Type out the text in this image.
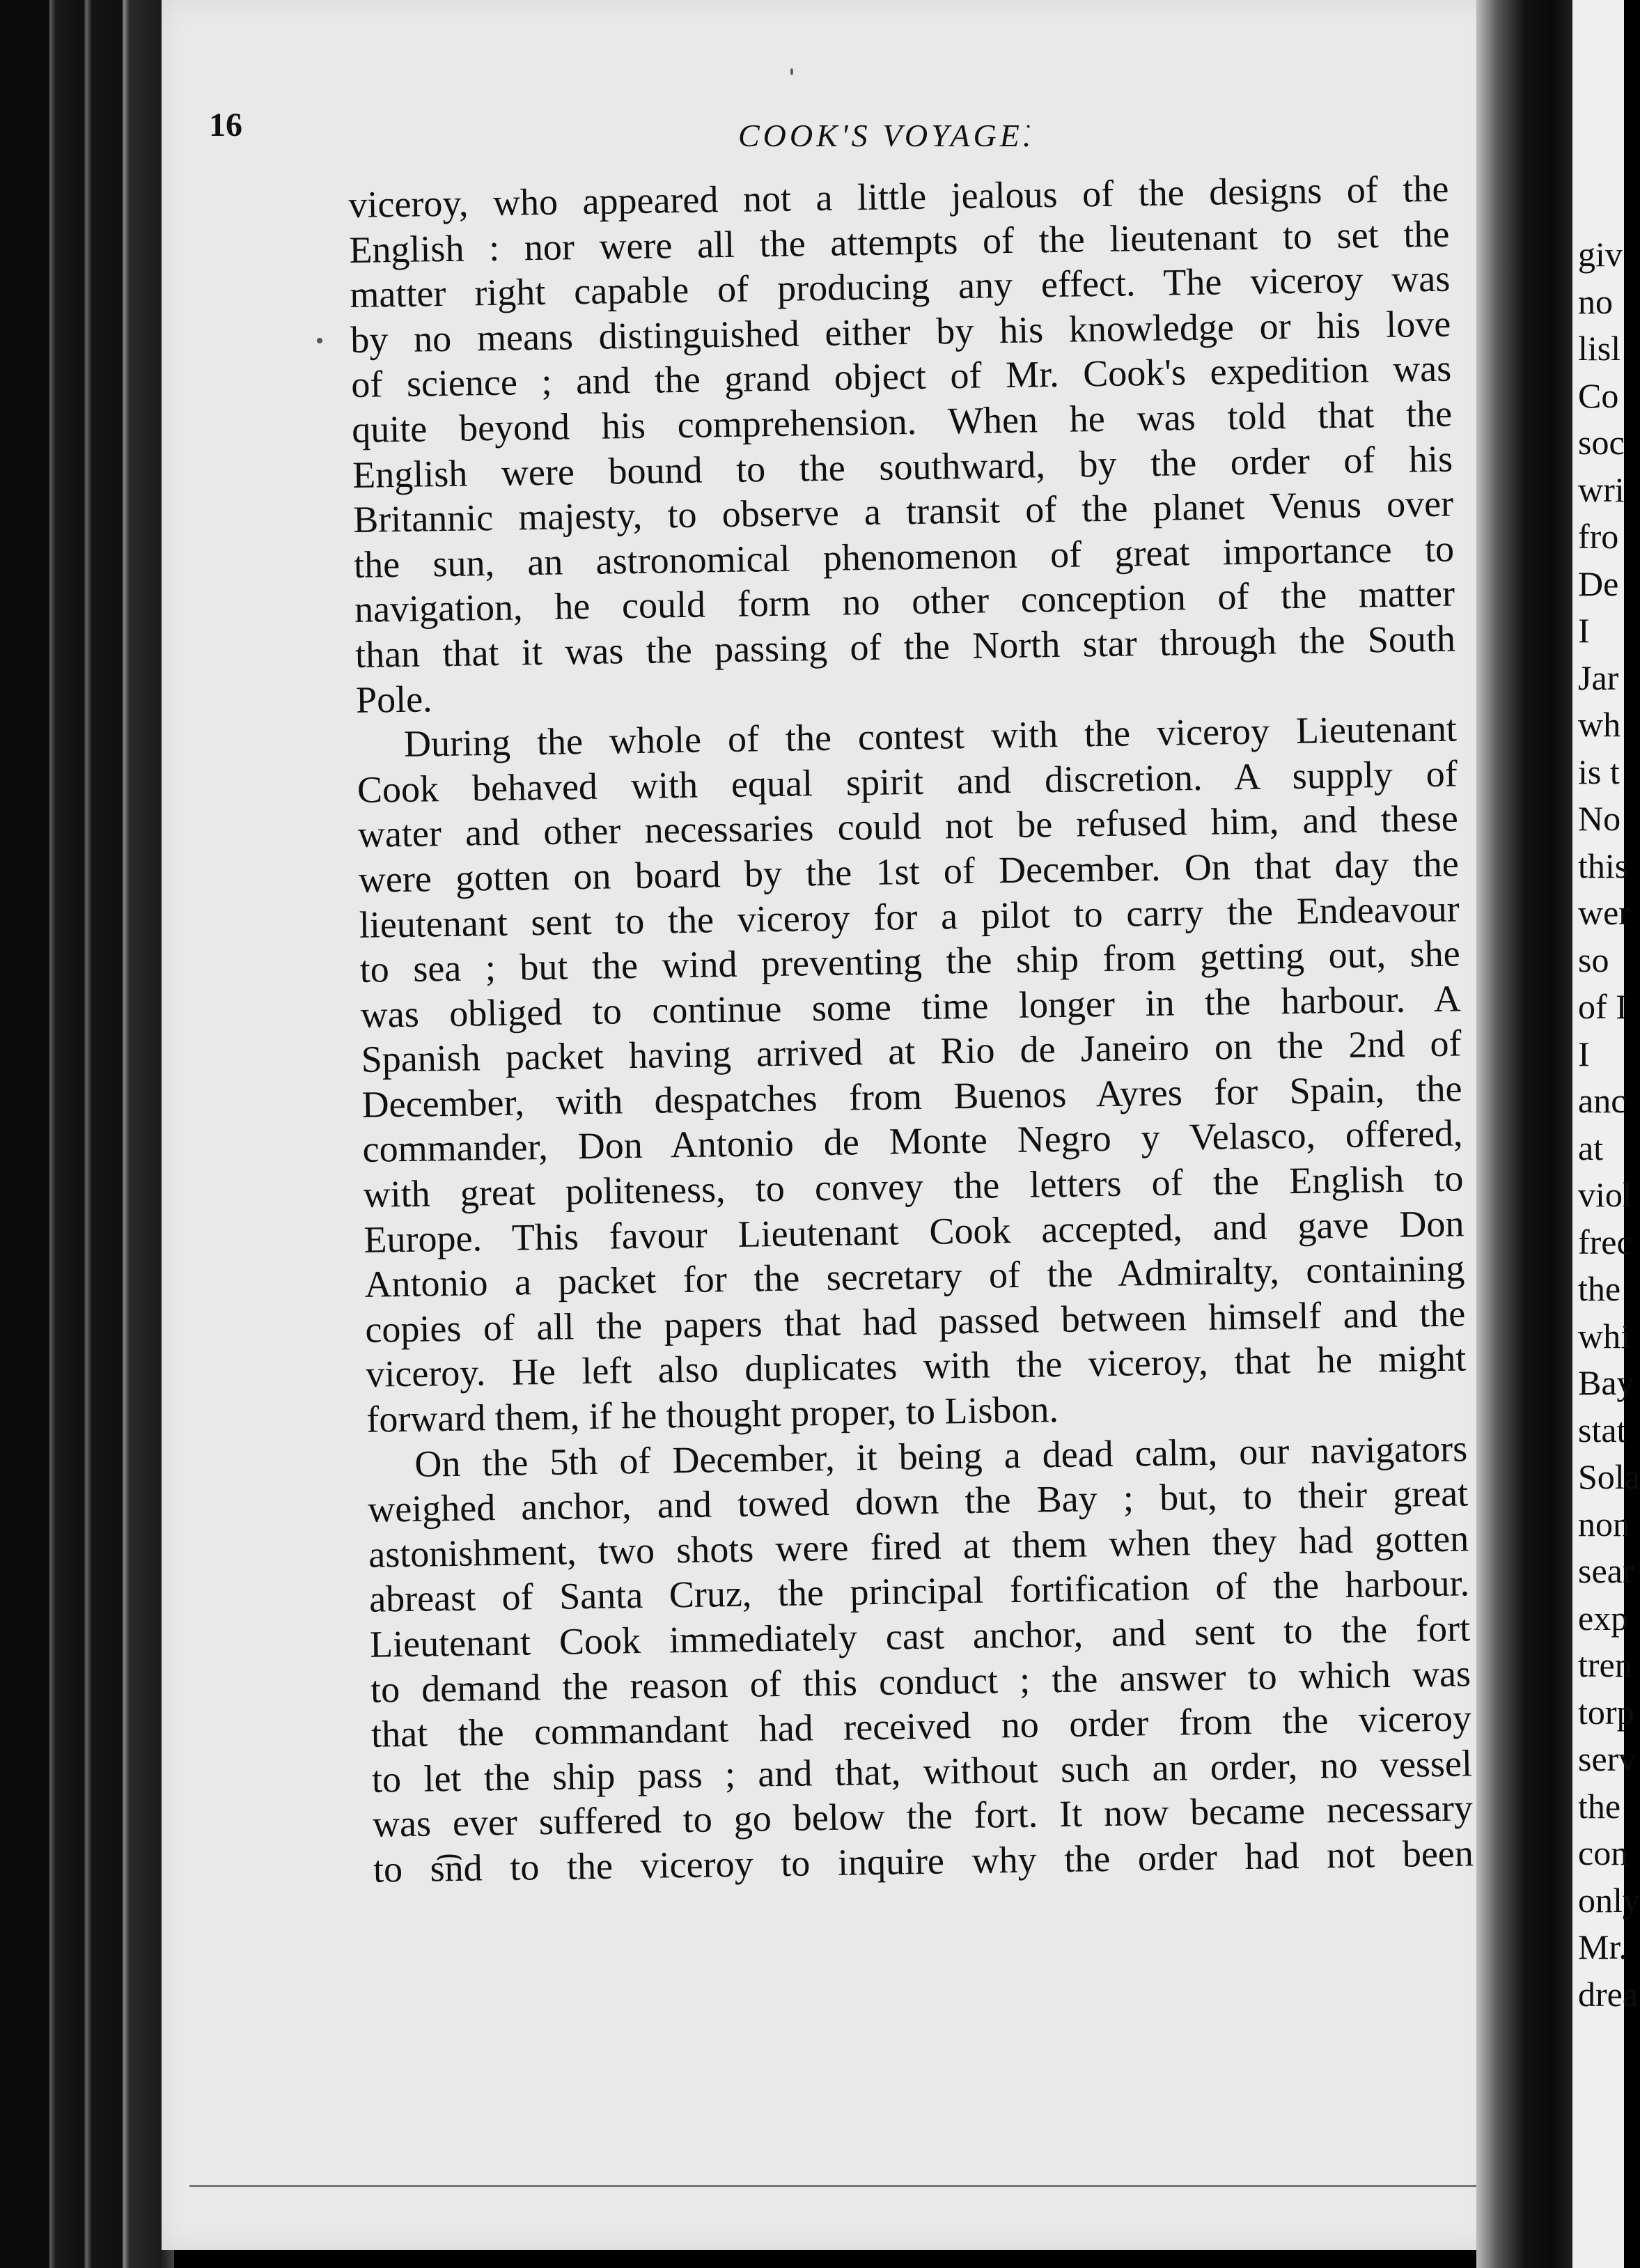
16	COOK'S VOYAGE͘.
viceroy, who appeared not a little jealous of the designs of the
English : nor were all the attempts of the lieutenant to set the
matter right capable of producing any effect. The viceroy was
by no means distinguished either by his knowledge or his love
of science ; and the grand object of Mr. Cook's expedition was
quite beyond his comprehension. When he was told that the
English were bound to the southward, by the order of his
Britannic majesty, to observe a transit of the planet Venus over
the sun, an astronomical phenomenon of great importance to
navigation, he could form no other conception of the matter
than that it was the passing of the North star through the South
Pole.
During the whole of the contest with the viceroy Lieutenant
Cook behaved with equal spirit and discretion. A supply of
water and other necessaries could not be refused him, and these
were gotten on board by the 1st of December. On that day the
lieutenant sent to the viceroy for a pilot to carry the Endeavour
to sea ; but the wind preventing the ship from getting out, she
was obliged to continue some time longer in the harbour. A
Spanish packet having arrived at Rio de Janeiro on the 2nd of
December, with despatches from Buenos Ayres for Spain, the
commander, Don Antonio de Monte Negro y Velasco, offered,
with great politeness, to convey the letters of the English to
Europe. This favour Lieutenant Cook accepted, and gave Don
Antonio a packet for the secretary of the Admiralty, containing
copies of all the papers that had passed between himself and the
viceroy. He left also duplicates with the viceroy, that he might
forward them, if he thought proper, to Lisbon.
On the 5th of December, it being a dead calm, our navigators
weighed anchor, and towed down the Bay ; but, to their great
astonishment, two shots were fired at them when they had gotten
abreast of Santa Cruz, the principal fortification of the harbour.
Lieutenant Cook immediately cast anchor, and sent to the fort
to demand the reason of this conduct ; the answer to which was
that the commandant had received no order from the viceroy
to let the ship pass ; and that, without such an order, no vessel
was ever suffered to go below the fort. It now became necessary
to s͡nd to the viceroy to inquire why the order had not been
giv
no
lisl
Co
soc
wri
fro
De
I
Jar
wh
is t
No
this
wer
so
of I
I
anc
at
viol
frec
the
whi
Bay
stat
Sola
non
sear
exp
tren
torp
serv
the
con
only
Mr.
drea
